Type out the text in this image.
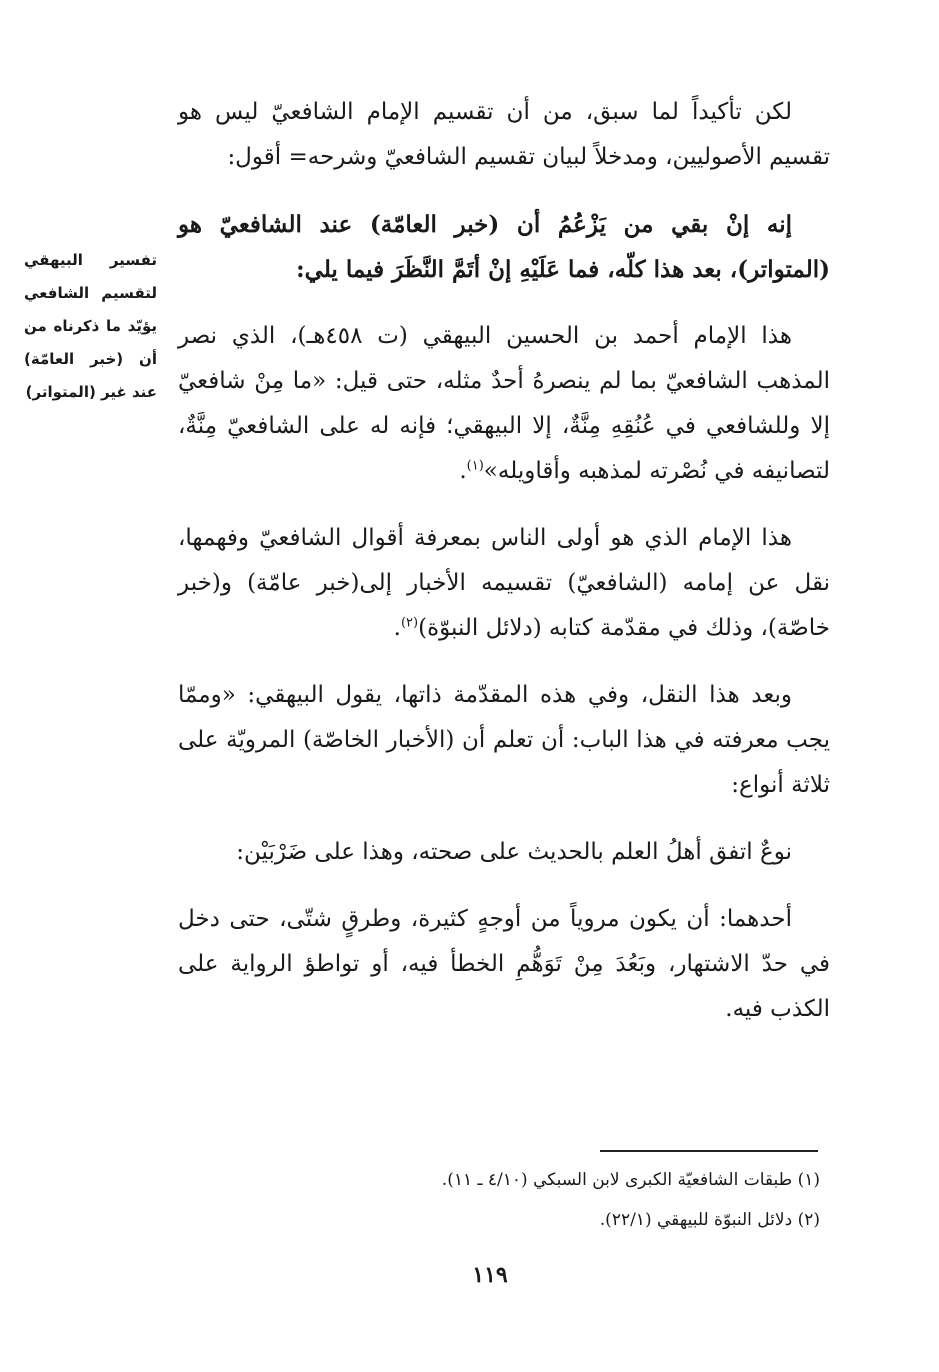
لكن تأكيداً لما سبق، من أن تقسيم الإمام الشافعيّ ليس هو تقسيم الأصوليين، ومدخلاً لبيان تقسيم الشافعيّ وشرحه= أقول:

إنه إنْ بقي من يَزْعُمُ أن (خبر العامّة) عند الشافعيّ هو (المتواتر)، بعد هذا كلّه، فما عَلَيْهِ إنْ أتَمَّ النَّظَرَ فيما يلي:

هذا الإمام أحمد بن الحسين البيهقي (ت ٤٥٨هـ)، الذي نصر المذهب الشافعيّ بما لم ينصرهُ أحدٌ مثله، حتى قيل: «ما مِنْ شافعيّ إلا وللشافعي في عُنُقِهِ مِنَّةٌ، إلا البيهقي؛ فإنه له على الشافعيّ مِنَّةٌ، لتصانيفه في نُصْرته لمذهبه وأقاويله»$^{(١)}$.

هذا الإمام الذي هو أولى الناس بمعرفة أقوال الشافعيّ وفهمها، نقل عن إمامه (الشافعيّ) تقسيمه الأخبار إلى(خبر عامّة) و(خبر خاصّة)، وذلك في مقدّمة كتابه (دلائل النبوّة)$^{(٢)}$.

وبعد هذا النقل، وفي هذه المقدّمة ذاتها، يقول البيهقي: «وممّا يجب معرفته في هذا الباب: أن تعلم أن (الأخبار الخاصّة) المرويّة على ثلاثة أنواع:

نوعٌ اتفق أهلُ العلم بالحديث على صحته، وهذا على ضَرْبَيْن:

أحدهما: أن يكون مروياً من أوجهٍ كثيرة، وطرقٍ شتّى، حتى دخل في حدّ الاشتهار، وبَعُدَ مِنْ تَوَهُّمِ الخطأ فيه، أو تواطؤ الرواية على الكذب فيه.

تفسير البيهقي لتقسيم الشافعي يؤيّد ما ذكرناه من أن (خبر العامّة) عند غير (المتواتر)

(١) طبقات الشافعيّة الكبرى لابن السبكي (٤/١٠ ـ ١١).

(٢) دلائل النبوّة للبيهقي (٢٢/١).

١١٩
